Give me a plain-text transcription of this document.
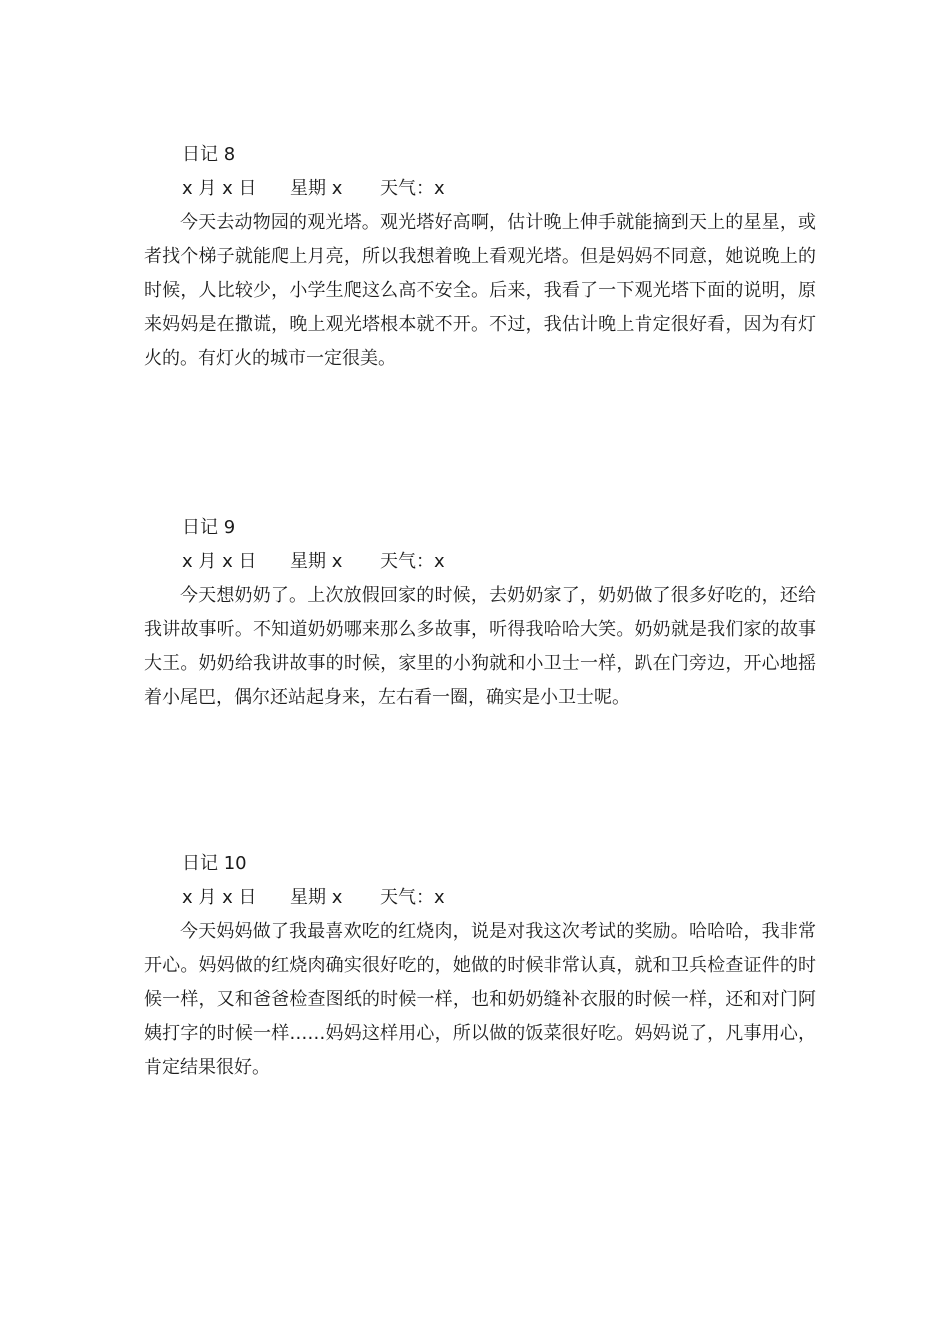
日记 8
x 月 x 日 星期 x 天气：x

今天去动物园的观光塔。观光塔好高啊，估计晚上伸手就能摘到天上的星星，或者找个梯子就能爬上月亮，所以我想着晚上看观光塔。但是妈妈不同意，她说晚上的时候，人比较少，小学生爬这么高不安全。后来，我看了一下观光塔下面的说明，原来妈妈是在撒谎，晚上观光塔根本就不开。不过，我估计晚上肯定很好看，因为有灯火的。有灯火的城市一定很美。

日记 9
x 月 x 日 星期 x 天气：x

今天想奶奶了。上次放假回家的时候，去奶奶家了，奶奶做了很多好吃的，还给我讲故事听。不知道奶奶哪来那么多故事，听得我哈哈大笑。奶奶就是我们家的故事大王。奶奶给我讲故事的时候，家里的小狗就和小卫士一样，趴在门旁边，开心地摇着小尾巴，偶尔还站起身来，左右看一圈，确实是小卫士呢。

日记 10
x 月 x 日 星期 x 天气：x

今天妈妈做了我最喜欢吃的红烧肉，说是对我这次考试的奖励。哈哈哈，我非常开心。妈妈做的红烧肉确实很好吃的，她做的时候非常认真，就和卫兵检查证件的时候一样，又和爸爸检查图纸的时候一样，也和奶奶缝补衣服的时候一样，还和对门阿姨打字的时候一样……妈妈这样用心，所以做的饭菜很好吃。妈妈说了，凡事用心，肯定结果很好。
